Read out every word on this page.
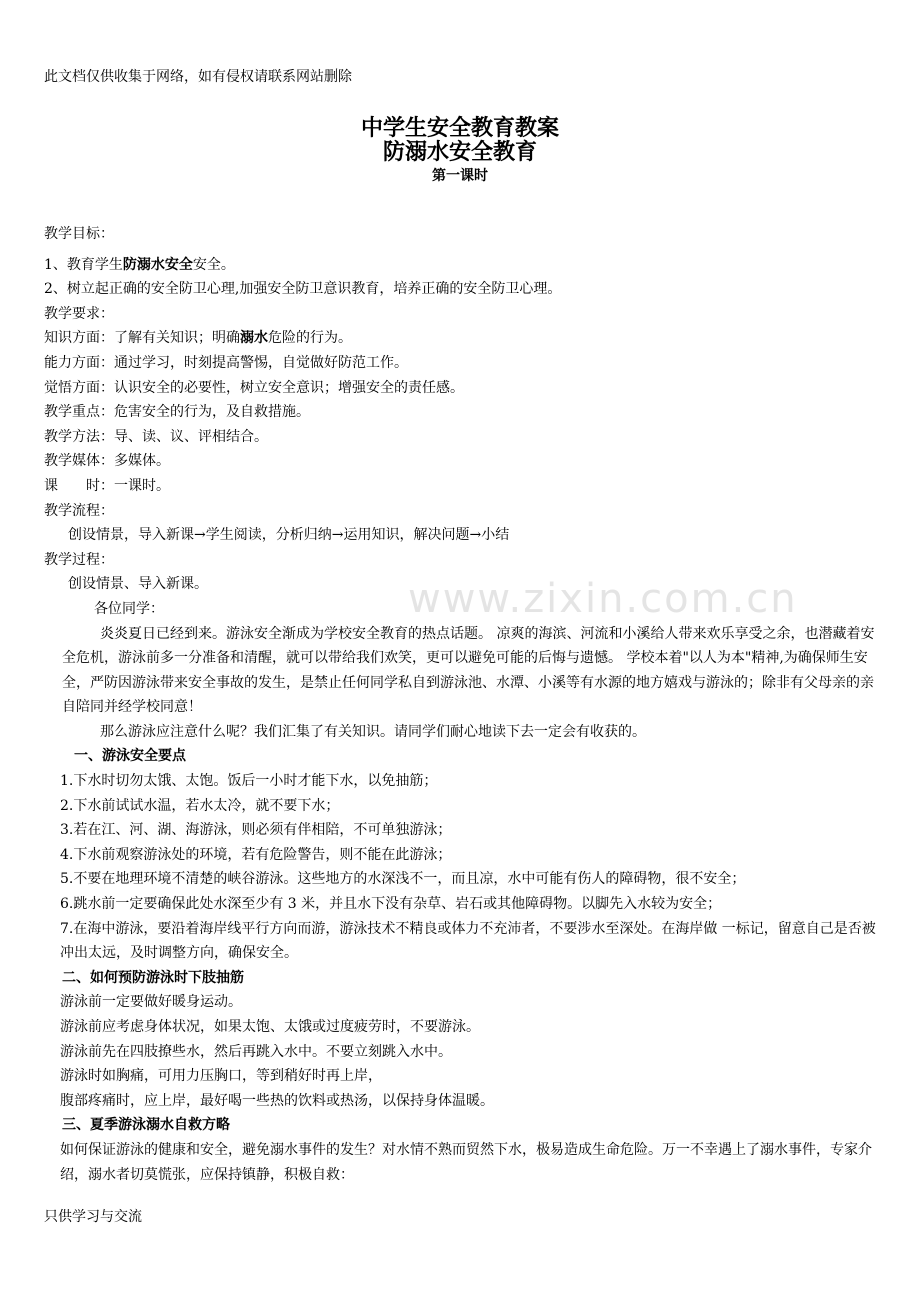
此文档仅供收集于网络，如有侵权请联系网站删除
中学生安全教育教案
防溺水安全教育
第一课时
www.zixin.com.cn
教学目标：
1、教育学生防溺水安全安全。
2、树立起正确的安全防卫心理,加强安全防卫意识教育，培养正确的安全防卫心理。
教学要求：
知识方面：了解有关知识；明确溺水危险的行为。
能力方面：通过学习，时刻提高警惕，自觉做好防范工作。
觉悟方面：认识安全的必要性，树立安全意识；增强安全的责任感。
教学重点：危害安全的行为，及自救措施。
教学方法：导、读、议、评相结合。
教学媒体：多媒体。
课 时：一课时。
教学流程：
创设情景，导入新课→学生阅读，分析归纳→运用知识，解决问题→小结
教学过程：
创设情景、导入新课。
各位同学：
炎炎夏日已经到来。游泳安全渐成为学校安全教育的热点话题。 凉爽的海滨、河流和小溪给人带来欢乐享受之余，也潜藏着安全危机，游泳前多一分准备和清醒，就可以带给我们欢笑，更可以避免可能的后悔与遗憾。 学校本着"以人为本"精神,为确保师生安全，严防因游泳带来安全事故的发生，是禁止任何同学私自到游泳池、水潭、小溪等有水源的地方嬉戏与游泳的；除非有父母亲的亲自陪同并经学校同意！
那么游泳应注意什么呢？我们汇集了有关知识。请同学们耐心地读下去一定会有收获的。
一、游泳安全要点
1.下水时切勿太饿、太饱。饭后一小时才能下水，以免抽筋；
2.下水前试试水温，若水太冷，就不要下水；
3.若在江、河、湖、海游泳，则必须有伴相陪，不可单独游泳；
4.下水前观察游泳处的环境，若有危险警告，则不能在此游泳；
5.不要在地理环境不清楚的峡谷游泳。这些地方的水深浅不一，而且凉，水中可能有伤人的障碍物，很不安全；
6.跳水前一定要确保此处水深至少有 3 米，并且水下没有杂草、岩石或其他障碍物。以脚先入水较为安全；
7.在海中游泳，要沿着海岸线平行方向而游，游泳技术不精良或体力不充沛者，不要涉水至深处。在海岸做 一标记，留意自己是否被冲出太远，及时调整方向，确保安全。
二、如何预防游泳时下肢抽筋
游泳前一定要做好暖身运动。
游泳前应考虑身体状况，如果太饱、太饿或过度疲劳时，不要游泳。
游泳前先在四肢撩些水，然后再跳入水中。不要立刻跳入水中。
游泳时如胸痛，可用力压胸口，等到稍好时再上岸，
腹部疼痛时，应上岸，最好喝一些热的饮料或热汤，以保持身体温暖。
三、夏季游泳溺水自救方略
如何保证游泳的健康和安全，避免溺水事件的发生？对水情不熟而贸然下水，极易造成生命危险。万一不幸遇上了溺水事件，专家介绍，溺水者切莫慌张，应保持镇静，积极自救：
只供学习与交流
